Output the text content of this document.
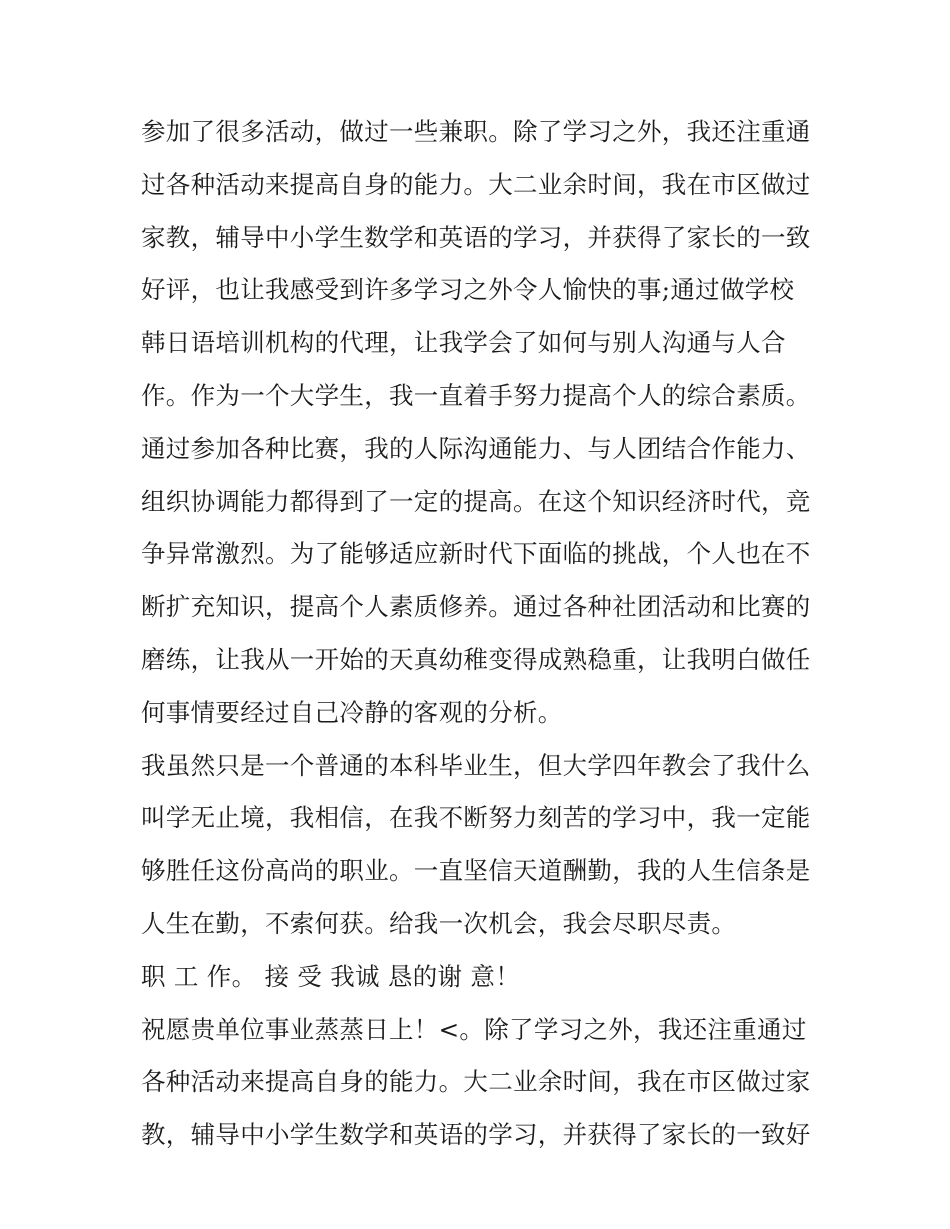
参加了很多活动，做过一些兼职。除了学习之外，我还注重通
过各种活动来提高自身的能力。大二业余时间，我在市区做过
家教，辅导中小学生数学和英语的学习，并获得了家长的一致
好评，也让我感受到许多学习之外令人愉快的事;通过做学校
韩日语培训机构的代理，让我学会了如何与别人沟通与人合
作。作为一个大学生，我一直着手努力提高个人的综合素质。
通过参加各种比赛，我的人际沟通能力、与人团结合作能力、
组织协调能力都得到了一定的提高。在这个知识经济时代，竞
争异常激烈。为了能够适应新时代下面临的挑战，个人也在不
断扩充知识，提高个人素质修养。通过各种社团活动和比赛的
磨练，让我从一开始的天真幼稚变得成熟稳重，让我明白做任
何事情要经过自己冷静的客观的分析。
我虽然只是一个普通的本科毕业生，但大学四年教会了我什么
叫学无止境，我相信，在我不断努力刻苦的学习中，我一定能
够胜任这份高尚的职业。一直坚信天道酬勤，我的人生信条是
人生在勤，不索何获。给我一次机会，我会尽职尽责。
职 工 作。 接 受 我诚 恳的谢 意！
祝愿贵单位事业蒸蒸日上！<。除了学习之外，我还注重通过
各种活动来提高自身的能力。大二业余时间，我在市区做过家
教，辅导中小学生数学和英语的学习，并获得了家长的一致好
